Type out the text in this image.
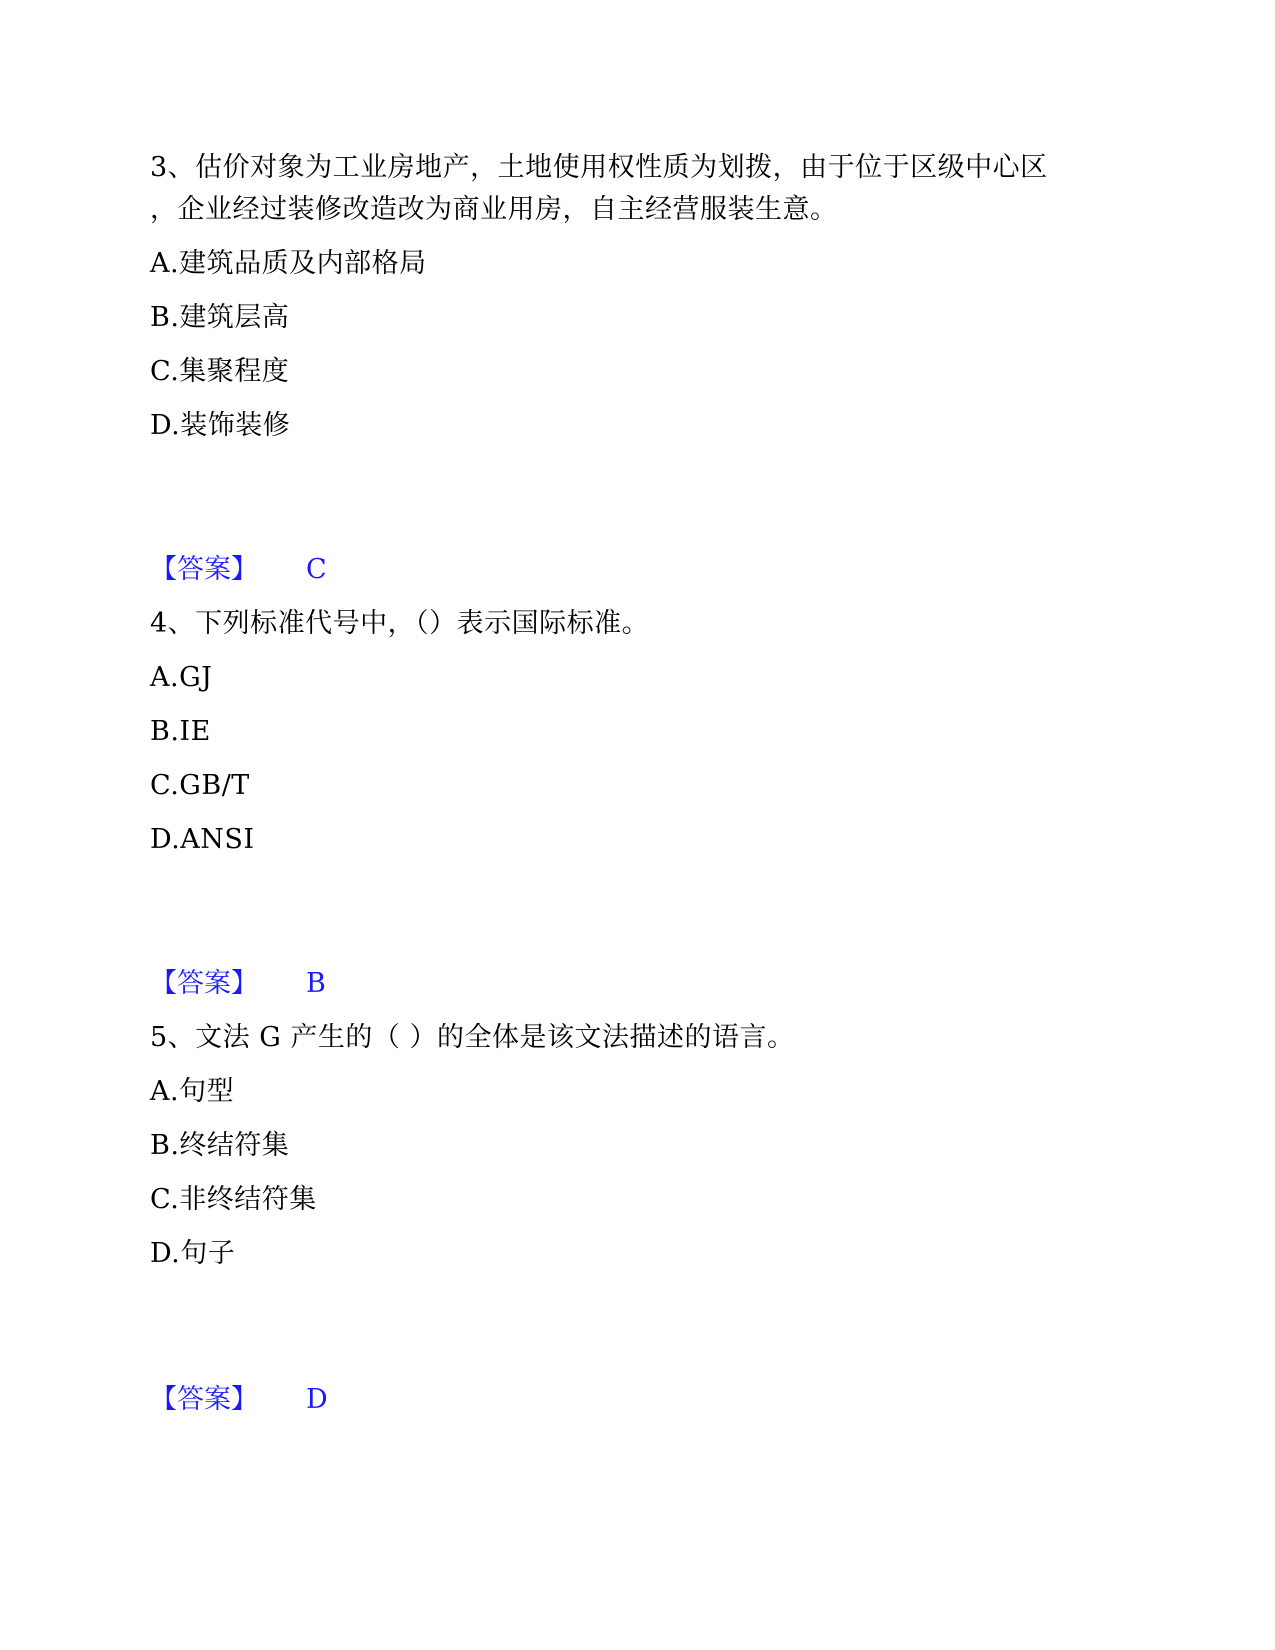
3、估价对象为工业房地产，土地使用权性质为划拨，由于位于区级中心区
，企业经过装修改造改为商业用房，自主经营服装生意。
A.建筑品质及内部格局
B.建筑层高
C.集聚程度
D.装饰装修
【答案】 C
4、下列标准代号中，（）表示国际标准。
A.GJ
B.IE
C.GB/T
D.ANSI
【答案】 B
5、文法 G 产生的（ ）的全体是该文法描述的语言。
A.句型
B.终结符集
C.非终结符集
D.句子
【答案】 D
